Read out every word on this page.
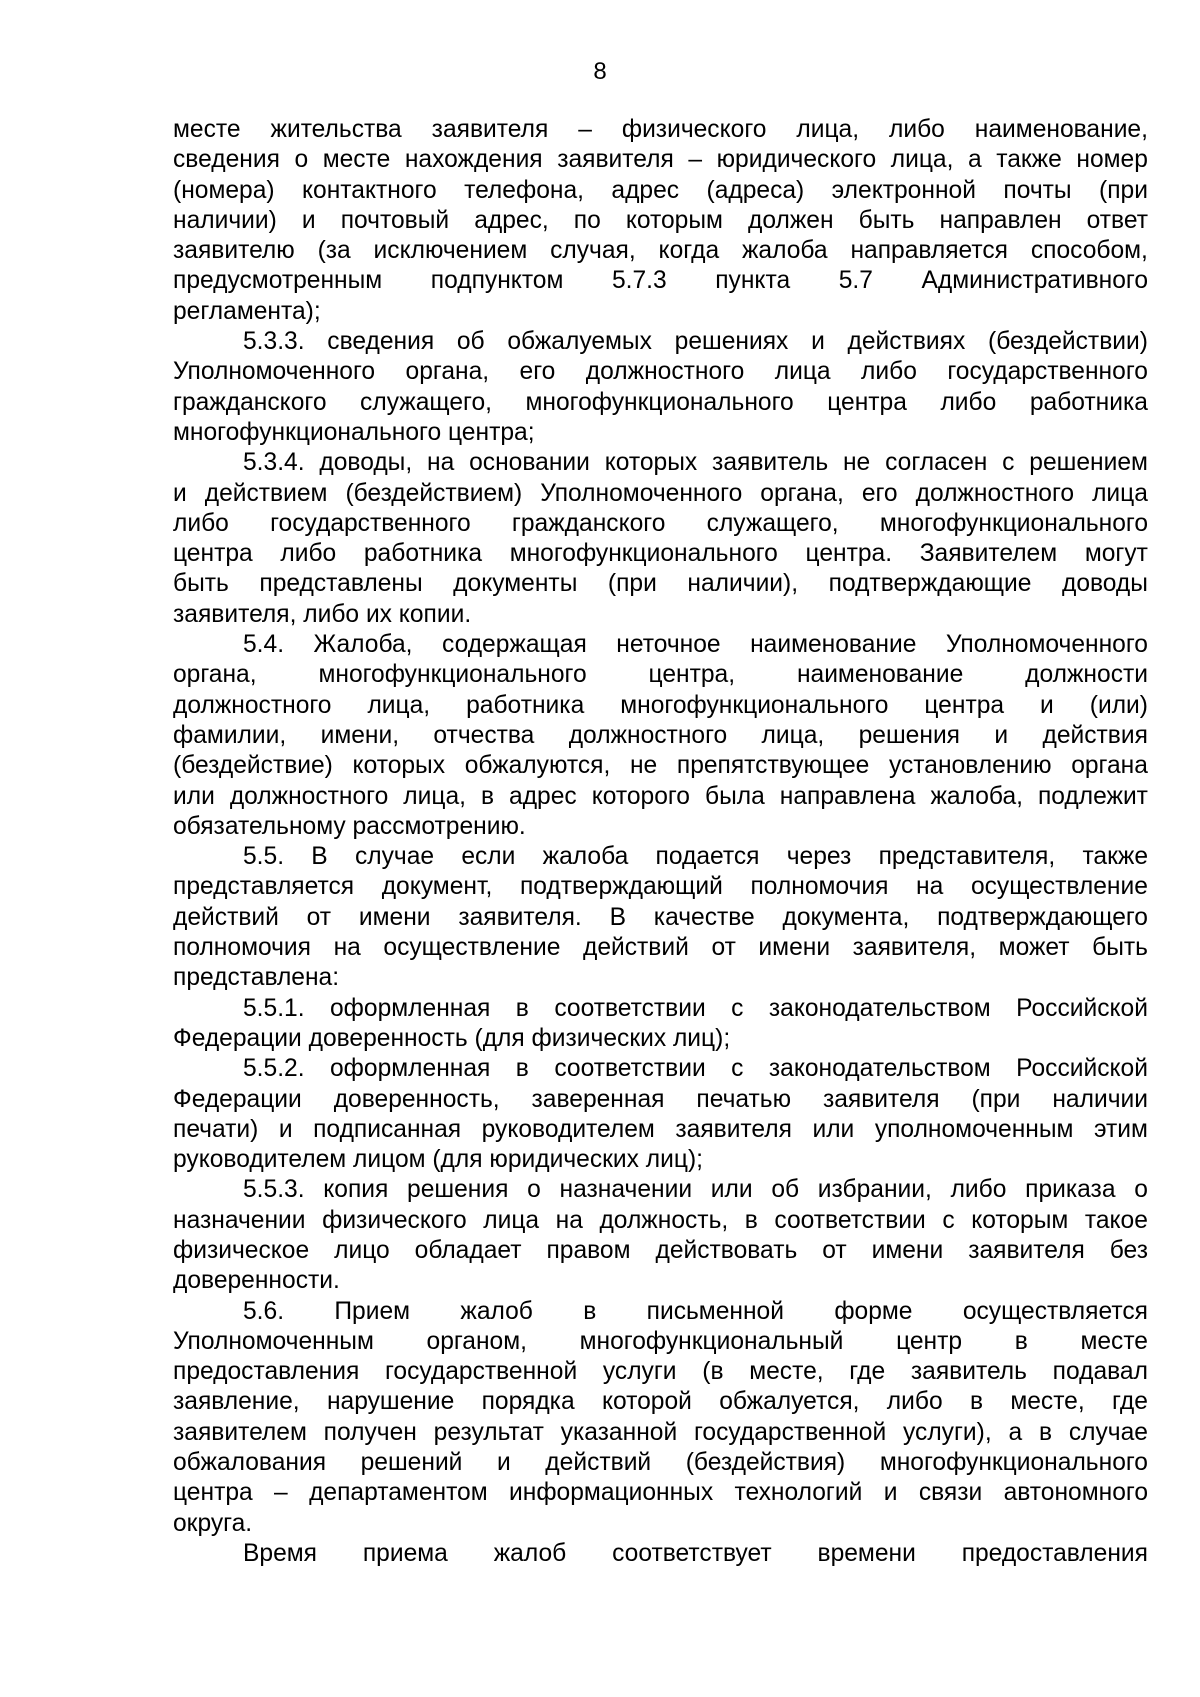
8
месте жительства заявителя – физического лица, либо наименование,
сведения о месте нахождения заявителя – юридического лица, а также номер
(номера) контактного телефона, адрес (адреса) электронной почты (при
наличии) и почтовый адрес, по которым должен быть направлен ответ
заявителю (за исключением случая, когда жалоба направляется способом,
предусмотренным подпунктом 5.7.3 пункта 5.7 Административного
регламента);
5.3.3. сведения об обжалуемых решениях и действиях (бездействии)
Уполномоченного органа, его должностного лица либо государственного
гражданского служащего, многофункционального центра либо работника
многофункционального центра;
5.3.4. доводы, на основании которых заявитель не согласен с решением
и действием (бездействием) Уполномоченного органа, его должностного лица
либо государственного гражданского служащего, многофункционального
центра либо работника многофункционального центра. Заявителем могут
быть представлены документы (при наличии), подтверждающие доводы
заявителя, либо их копии.
5.4. Жалоба, содержащая неточное наименование Уполномоченного
органа,	многофункционального	центра,	наименование	должности
должностного лица, работника многофункционального центра и (или)
фамилии, имени, отчества должностного лица, решения и действия
(бездействие) которых обжалуются, не препятствующее установлению органа
или должностного лица, в адрес которого была направлена жалоба, подлежит
обязательному рассмотрению.
5.5. В случае если жалоба подается через представителя, также
представляется документ, подтверждающий полномочия на осуществление
действий от имени заявителя. В качестве документа, подтверждающего
полномочия на осуществление действий от имени заявителя, может быть
представлена:
5.5.1. оформленная в соответствии с законодательством Российской
Федерации доверенность (для физических лиц);
5.5.2. оформленная в соответствии с законодательством Российской
Федерации доверенность, заверенная печатью заявителя (при наличии
печати) и подписанная руководителем заявителя или уполномоченным этим
руководителем лицом (для юридических лиц);
5.5.3. копия решения о назначении или об избрании, либо приказа о
назначении физического лица на должность, в соответствии с которым такое
физическое лицо обладает правом действовать от имени заявителя без
доверенности.
5.6. Прием жалоб в письменной форме осуществляется
Уполномоченным органом, многофункциональный центр в месте
предоставления государственной услуги (в месте, где заявитель подавал
заявление, нарушение порядка которой обжалуется, либо в месте, где
заявителем получен результат указанной государственной услуги), а в случае
обжалования решений и действий (бездействия) многофункционального
центра – департаментом информационных технологий и связи автономного
округа.
Время приема жалоб соответствует времени предоставления
